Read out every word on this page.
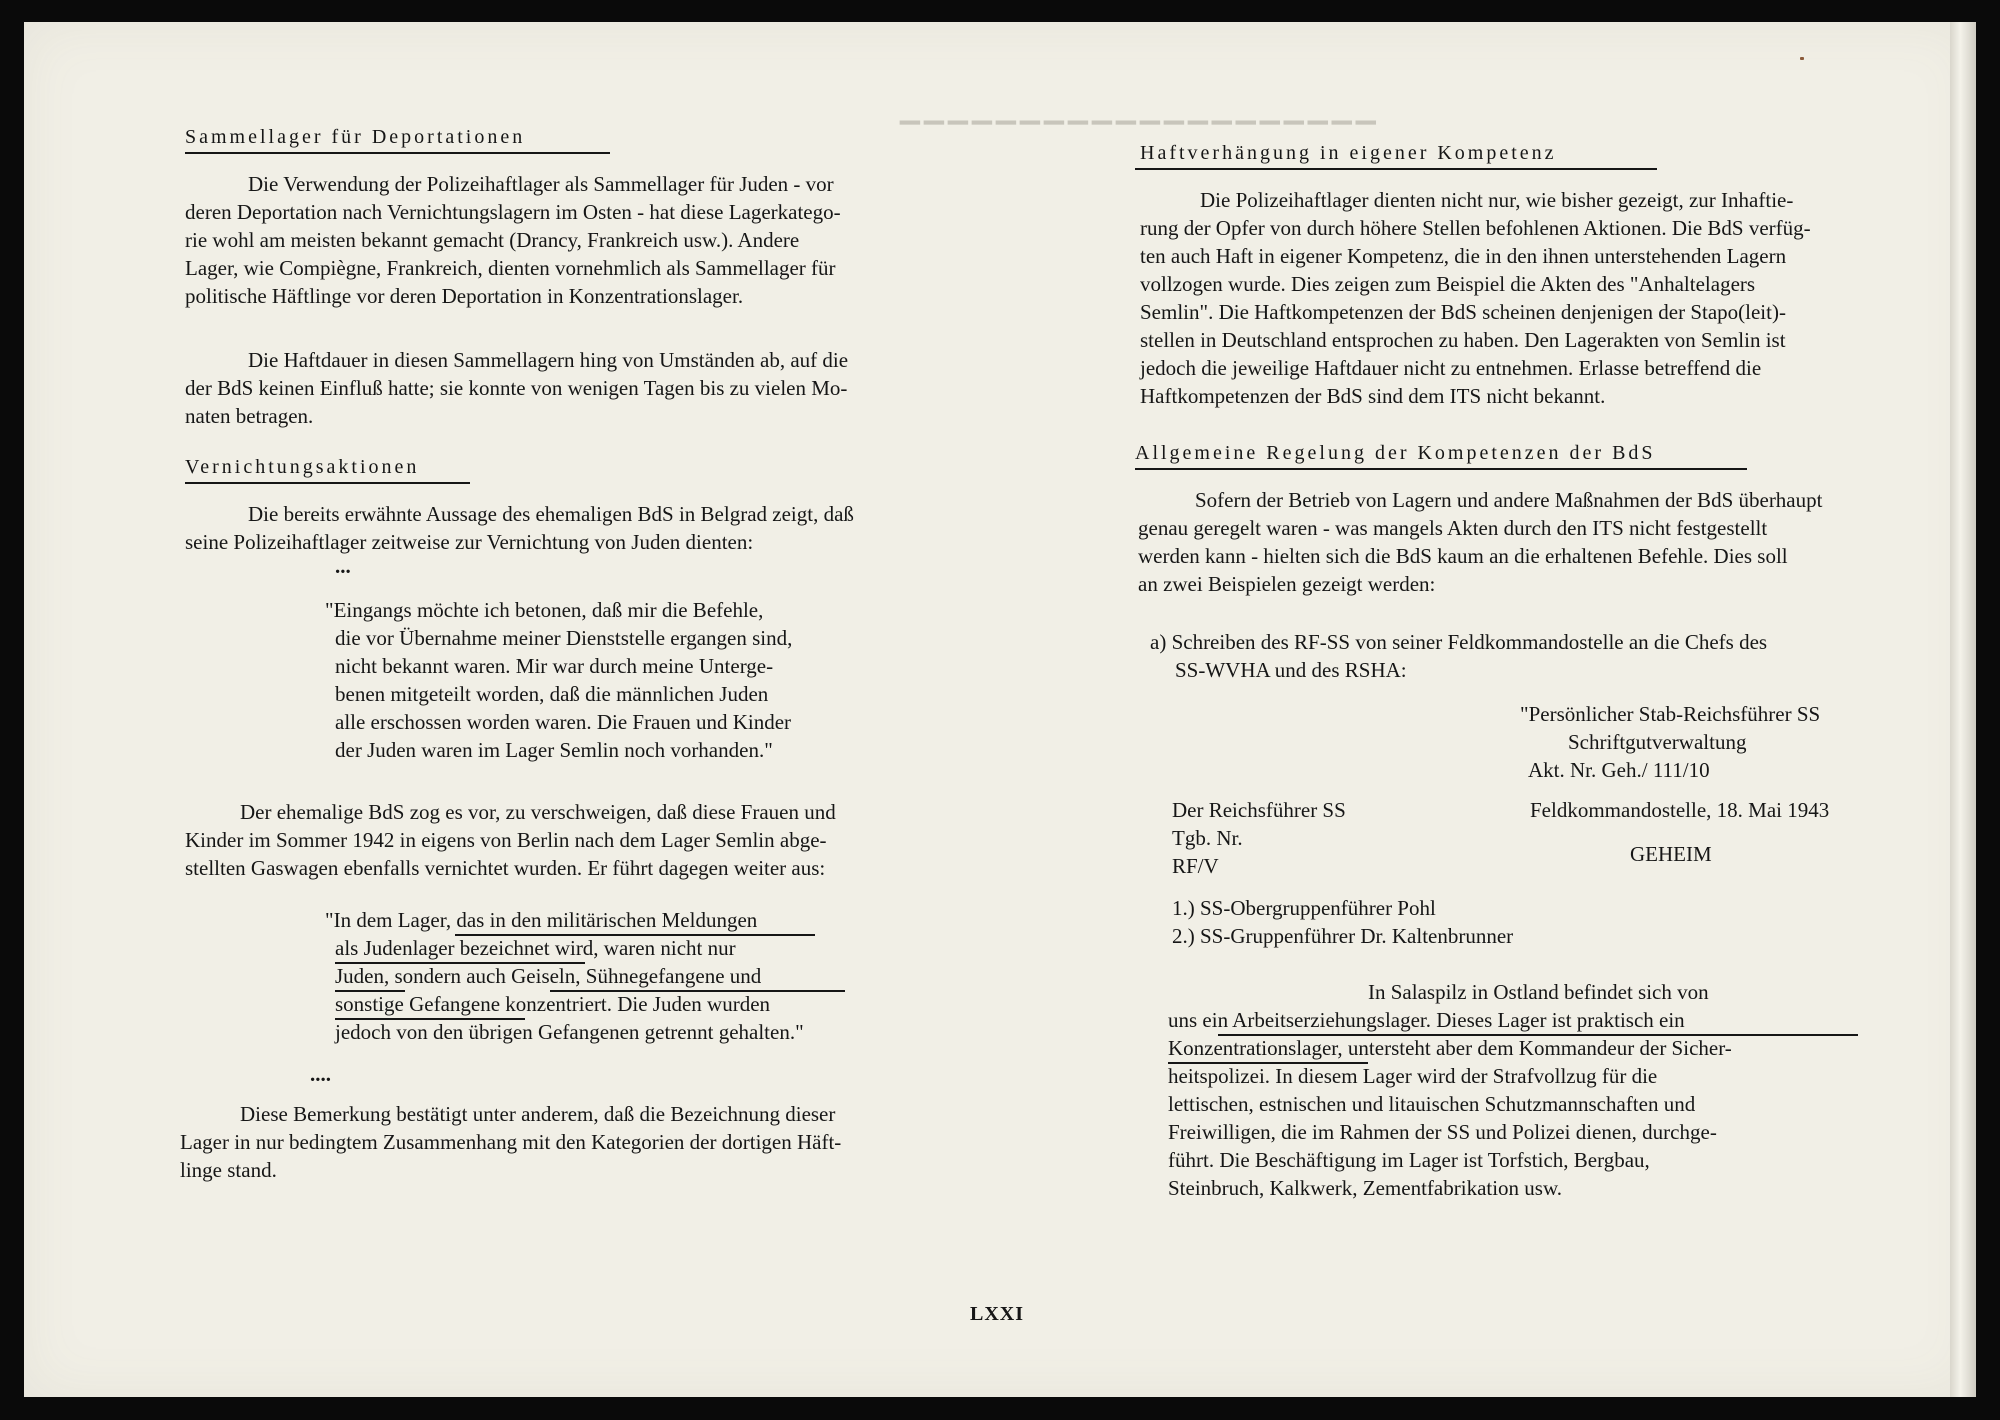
▔▔▔▔▔▔▔▔▔▔▔▔▔▔▔▔▔▔▔▔
Sammellager für Deportationen
Die Verwendung der Polizeihaftlager als Sammellager für Juden - vor
deren Deportation nach Vernichtungslagern im Osten - hat diese Lagerkatego-
rie wohl am meisten bekannt gemacht (Drancy, Frankreich usw.). Andere
Lager, wie Compiègne, Frankreich, dienten vornehmlich als Sammellager für
politische Häftlinge vor deren Deportation in Konzentrationslager.
Die Haftdauer in diesen Sammellagern hing von Umständen ab, auf die
der BdS keinen Einfluß hatte; sie konnte von wenigen Tagen bis zu vielen Mo-
naten betragen.
Vernichtungsaktionen
Die bereits erwähnte Aussage des ehemaligen BdS in Belgrad zeigt, daß
seine Polizeihaftlager zeitweise zur Vernichtung von Juden dienten:
...
"Eingangs möchte ich betonen, daß mir die Befehle,
die vor Übernahme meiner Dienststelle ergangen sind,
nicht bekannt waren. Mir war durch meine Unterge-
benen mitgeteilt worden, daß die männlichen Juden
alle erschossen worden waren. Die Frauen und Kinder
der Juden waren im Lager Semlin noch vorhanden."
Der ehemalige BdS zog es vor, zu verschweigen, daß diese Frauen und
Kinder im Sommer 1942 in eigens von Berlin nach dem Lager Semlin abge-
stellten Gaswagen ebenfalls vernichtet wurden. Er führt dagegen weiter aus:
"In dem Lager, das in den militärischen Meldungen
als Judenlager bezeichnet wird, waren nicht nur
Juden, sondern auch Geiseln, Sühnegefangene und
sonstige Gefangene konzentriert. Die Juden wurden
jedoch von den übrigen Gefangenen getrennt gehalten."
....
Diese Bemerkung bestätigt unter anderem, daß die Bezeichnung dieser
Lager in nur bedingtem Zusammenhang mit den Kategorien der dortigen Häft-
linge stand.
Haftverhängung in eigener Kompetenz
Die Polizeihaftlager dienten nicht nur, wie bisher gezeigt, zur Inhaftie-
rung der Opfer von durch höhere Stellen befohlenen Aktionen. Die BdS verfüg-
ten auch Haft in eigener Kompetenz, die in den ihnen unterstehenden Lagern
vollzogen wurde. Dies zeigen zum Beispiel die Akten des "Anhaltelagers
Semlin". Die Haftkompetenzen der BdS scheinen denjenigen der Stapo(leit)-
stellen in Deutschland entsprochen zu haben. Den Lagerakten von Semlin ist
jedoch die jeweilige Haftdauer nicht zu entnehmen. Erlasse betreffend die
Haftkompetenzen der BdS sind dem ITS nicht bekannt.
Allgemeine Regelung der Kompetenzen der BdS
Sofern der Betrieb von Lagern und andere Maßnahmen der BdS überhaupt
genau geregelt waren - was mangels Akten durch den ITS nicht festgestellt
werden kann - hielten sich die BdS kaum an die erhaltenen Befehle. Dies soll
an zwei Beispielen gezeigt werden:
a) Schreiben des RF-SS von seiner Feldkommandostelle an die Chefs des
SS-WVHA und des RSHA:
"Persönlicher Stab-Reichsführer SS
Schriftgutverwaltung
Akt. Nr. Geh./ 111/10
Der Reichsführer SS
Tgb. Nr.
RF/V
Feldkommandostelle, 18. Mai 1943
GEHEIM
1.) SS-Obergruppenführer Pohl
2.) SS-Gruppenführer Dr. Kaltenbrunner
In Salaspilz in Ostland befindet sich von
uns ein Arbeitserziehungslager. Dieses Lager ist praktisch ein
Konzentrationslager, untersteht aber dem Kommandeur der Sicher-
heitspolizei. In diesem Lager wird der Strafvollzug für die
lettischen, estnischen und litauischen Schutzmannschaften und
Freiwilligen, die im Rahmen der SS und Polizei dienen, durchge-
führt. Die Beschäftigung im Lager ist Torfstich, Bergbau,
Steinbruch, Kalkwerk, Zementfabrikation usw.
LXXI
